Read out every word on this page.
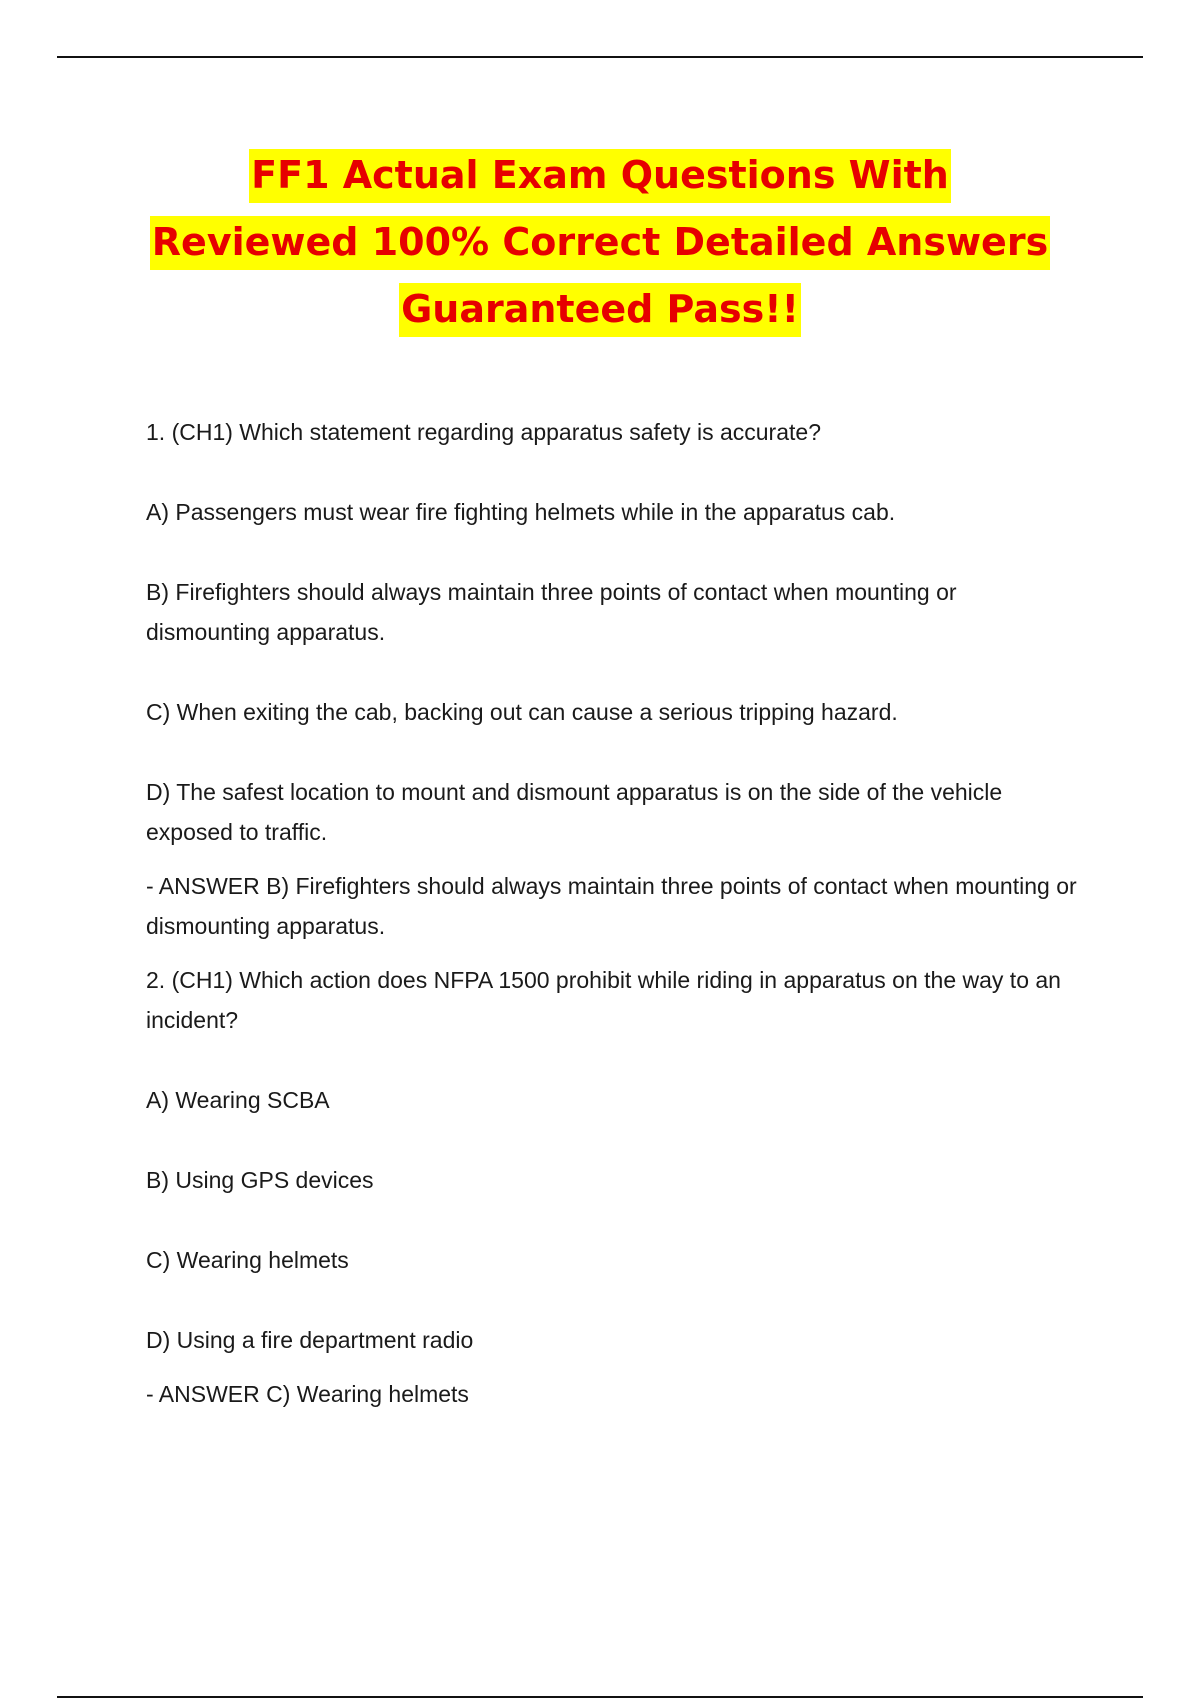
FF1 Actual Exam Questions With
Reviewed 100% Correct Detailed Answers
Guaranteed Pass!!

1. (CH1) Which statement regarding apparatus safety is accurate?

A) Passengers must wear fire fighting helmets while in the apparatus cab.

B) Firefighters should always maintain three points of contact when mounting or dismounting apparatus.

C) When exiting the cab, backing out can cause a serious tripping hazard.

D) The safest location to mount and dismount apparatus is on the side of the vehicle exposed to traffic.

- ANSWER B) Firefighters should always maintain three points of contact when mounting or dismounting apparatus.

2. (CH1) Which action does NFPA 1500 prohibit while riding in apparatus on the way to an incident?

A) Wearing SCBA

B) Using GPS devices

C) Wearing helmets

D) Using a fire department radio

- ANSWER C) Wearing helmets
